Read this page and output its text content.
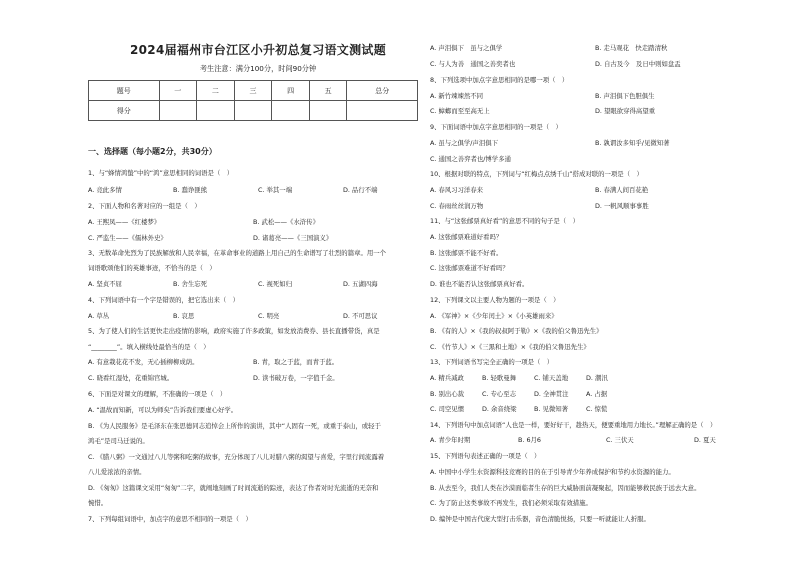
2024届福州市台江区小升初总复习语文测试题
考生注意：满分100分，时间90分钟
题号	一	二	三	四	五	总分
得分						
一、选择题（每小题2分，共30分）
1、与“蜂情鸿蛰”中的“鸿”意思相同的词语是（　）
A. 竞此多情	B. 蠢诤匪熊	C. 举其一端	D. 品行不端
2、下面人物和名著对应的一组是（　）
A. 王熙凤——《红楼梦》	B. 武松——《水浒传》
C. 严监生——《儒林外史》	D. 诸葛亮——《三国演义》
3、无数革命先烈为了民族解放和人民幸福，在革命事业的道路上用自己的生命谱写了壮烈的篇章。用一个
词语歌颂他们的英雄事迹，不恰当的是（　）
A. 坚贞不屈	B. 舍生忘死	C. 视死如归	D. 五湖四海
4、下列词语中有一个字是错误的，把它选出来（　）
A. 草丛	B. 哀思	C. 明亮	D. 不可思议
5、为了使人们的生活更快走出疫情的影响，政府实施了许多政策，如发放消费券、县长直播带货，真是
“________”。填入横线处最恰当的是（　）
A. 有意栽花花不发，无心插柳柳成荫。	B. 青，取之于蓝，而青于蓝。
C. 晓看红湿处，花重锦官城。	D. 读书破万卷，一字值千金。
6、下面是对课文的理解，不准确的一项是（　）
A. “温故而知新，可以为师矣”告诉我们要虚心好学。
B. 《为人民服务》是毛泽东在张思德同志追悼会上所作的演讲，其中“人固有一死，或重于泰山，或轻于
鸿毛”是司马迁说的。
C. 《腊八粥》一文通过八儿等粥和吃粥的故事，充分体现了八儿对腊八粥的渴望与喜爱，字里行间流露着
八儿爱浓浓的亲情。
D. 《匆匆》这篇课文采用“匆匆”二字，就阐地刻画了时间流逝的踪迹，表达了作者对时光流逝的无奈和
惋惜。
7、下列每组词语中，加点字的意思不相同的一项是（　）
A. 声泪俱下　虽与之俱学	B. 走马观花　快走踏清秋
C. 与人为善　通国之善奕者也	D. 自古及今　及日中则如盘盂
8、下列选项中加点字意思相同的是哪一项（　）
A. 新竹竦竦然不同	B. 声泪俱下色胆俱生
C. 蟑螂而至至高无上	D. 望眼欲穿得高望重
9、下面词语中加点字意思相同的一项是（　）
A. 虽与之俱学/声泪俱下	B. 孰谓汝多知乎/见微知著
C. 通国之善弈者也/博学多通
10、根据对联的特点，下列词与“红梅点点绣千山”搭成对联的一项是（　）
A. 春风习习洋春来	B. 春满人间百花艳
C. 春雨丝丝润万物	D. 一帆风顺事事胜
11、与“这张邮票真好看”的意思不同的句子是（　）
A. 这张邮票难道好看吗？
B. 这张邮票不能不好看。
C. 这张邮票难道不好看吗？
D. 谁也不能否认这张邮票真好看。
12、下列课文以主要人物为题的一项是（　）
A. 《军神》×《少年闰土》×《小英雄雨来》
B. 《有的人》×《我的叔叔阿于勒》×《我的伯父鲁迅先生》
C. 《竹节人》×《三黑和土地》×《我的伯父鲁迅先生》
13、下列词语书写完全正确的一项是（　）
A. 精兵减政	B. 轻歌曼舞	C. 铺天盖地	D. 潮汛
B. 别出心裁	C. 专心至志	D. 全神贯注	A. 占据
C. 司空见惯	D. 余音绕梁	B. 见微知著	C. 惊慌
14、下列语句中加点词语“人也是一样，要好好干，趁热天，便要重地用力地长。”理解正确的是（　）
A. 青少年时期	B. 6月6	C. 三伏天	D. 夏天
15、下列语句表述正确的一项是（　）
A. 中国中小学生水资源科技竞赛的目的在于引导青少年养成保护和节约水资源的能力。
B. 从去至今，我们人类在沙漠面临者生存的巨大威胁面前凝聚起，因而能够救民族于远去大意。
C. 为了防止这类事故不再发生，我们必须采取有效措施。
D. 编钟是中国古代庞大型打击乐器，音色清脆悦扬，只要一听就能让人折服。
